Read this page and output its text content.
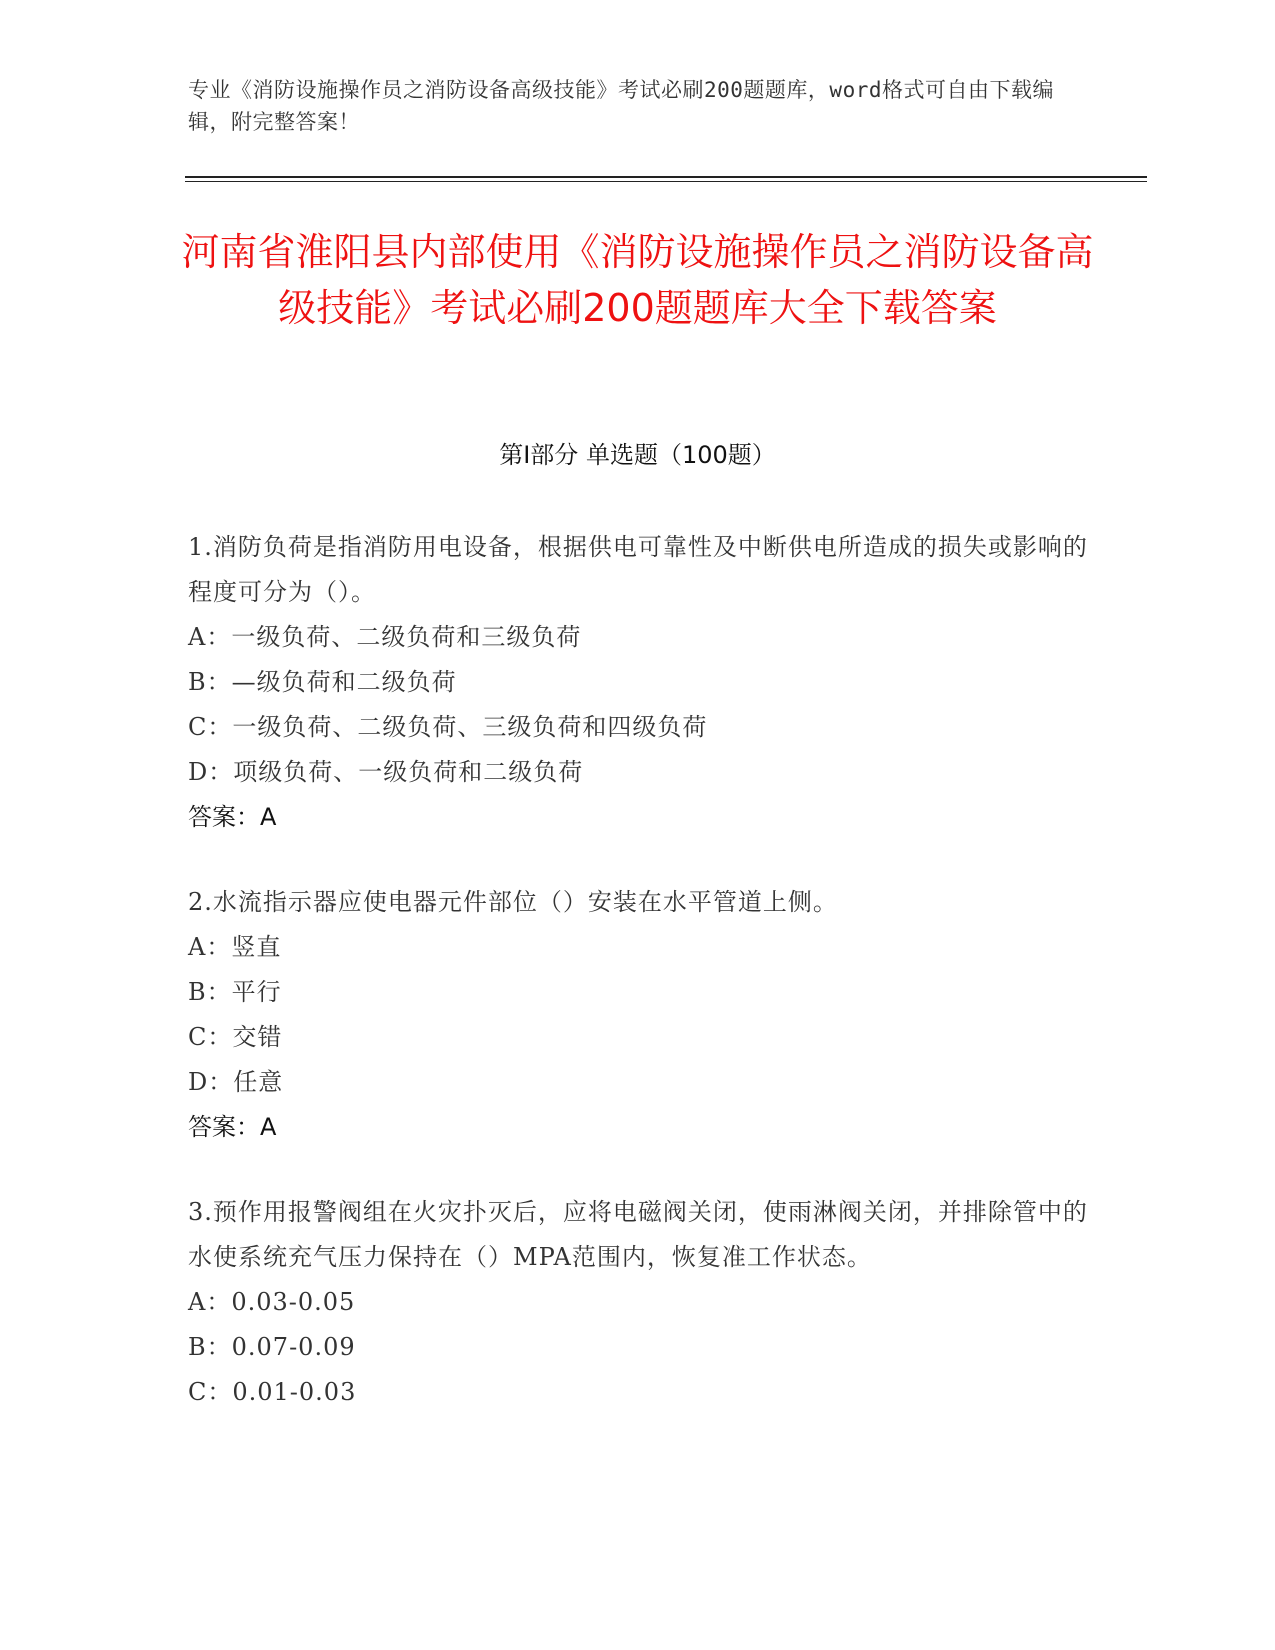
专业《消防设施操作员之消防设备高级技能》考试必刷200题题库，word格式可自由下载编辑，附完整答案！
河南省淮阳县内部使用《消防设施操作员之消防设备高级技能》考试必刷200题题库大全下载答案
第Ⅰ部分 单选题（100题）
1.消防负荷是指消防用电设备，根据供电可靠性及中断供电所造成的损失或影响的程度可分为（）。
A：一级负荷、二级负荷和三级负荷
B：—级负荷和二级负荷
C：一级负荷、二级负荷、三级负荷和四级负荷
D：项级负荷、一级负荷和二级负荷
答案：A
2.水流指示器应使电器元件部位（）安装在水平管道上侧。
A：竖直
B：平行
C：交错
D：任意
答案：A
3.预作用报警阀组在火灾扑灭后，应将电磁阀关闭，使雨淋阀关闭，并排除管中的水使系统充气压力保持在（）MPA范围内，恢复准工作状态。
A：0.03-0.05
B：0.07-0.09
C：0.01-0.03
